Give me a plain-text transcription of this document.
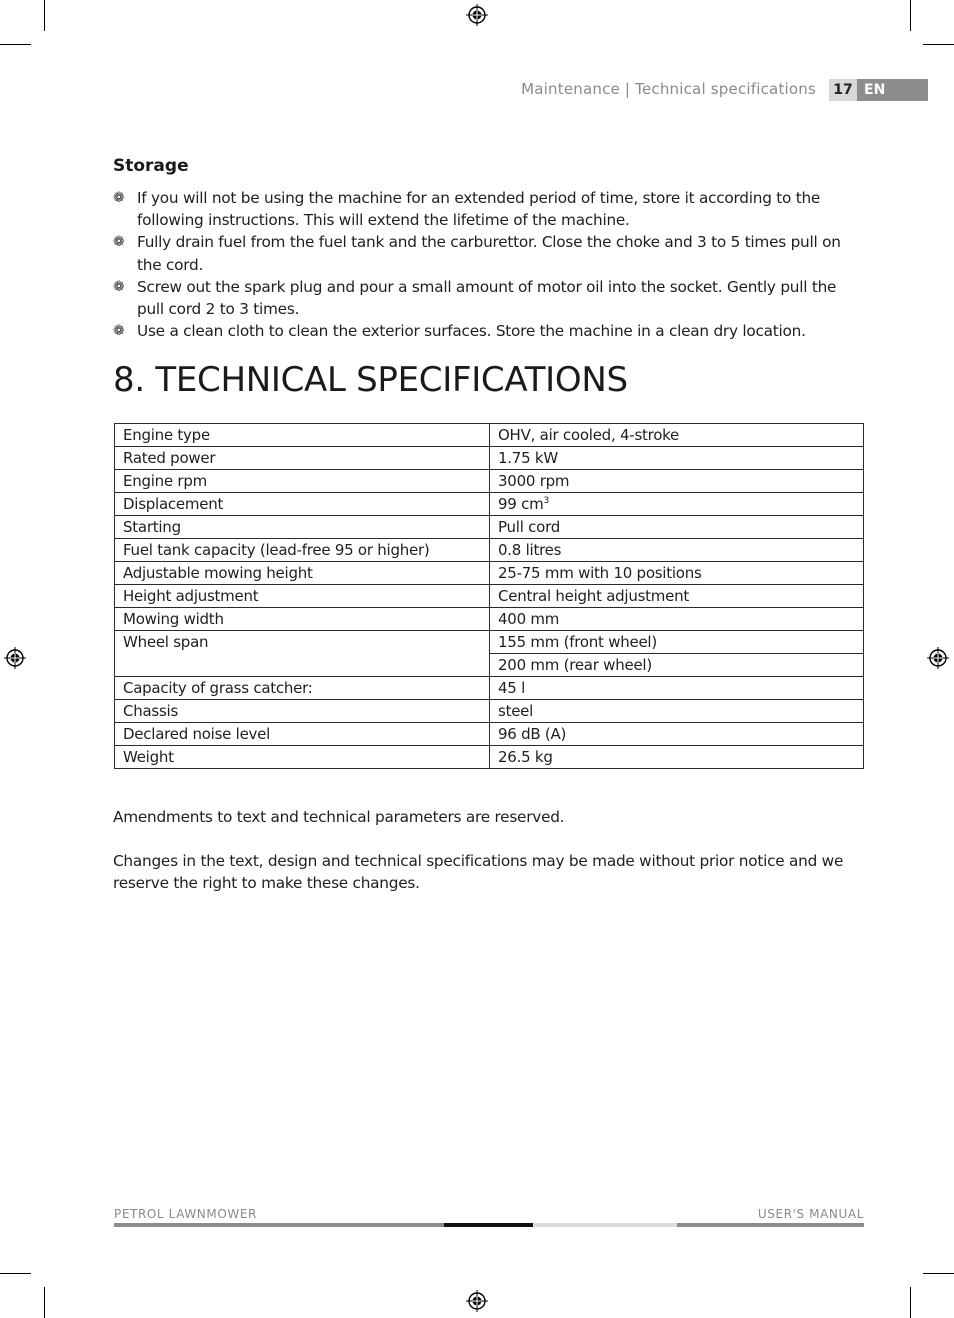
Maintenance | Technical specifications	17 EN
Storage
❁ If you will not be using the machine for an extended period of time, store it according to the following instructions. This will extend the lifetime of the machine.
❁ Fully drain fuel from the fuel tank and the carburettor. Close the choke and 3 to 5 times pull on the cord.
❁ Screw out the spark plug and pour a small amount of motor oil into the socket. Gently pull the pull cord 2 to 3 times.
❁ Use a clean cloth to clean the exterior surfaces. Store the machine in a clean dry location.
8. TECHNICAL SPECIFICATIONS
Engine type	OHV, air cooled, 4-stroke
Rated power	1.75 kW
Engine rpm	3000 rpm
Displacement	99 $cm^3$
Starting	Pull cord
Fuel tank capacity (lead-free 95 or higher)	0.8 litres
Adjustable mowing height	25-75 mm with 10 positions
Height adjustment	Central height adjustment
Mowing width	400 mm
Wheel span	155 mm (front wheel)
	200 mm (rear wheel)
Capacity of grass catcher:	45 l
Chassis	steel
Declared noise level	96 dB (A)
Weight	26.5 kg
Amendments to text and technical parameters are reserved.
Changes in the text, design and technical specifications may be made without prior notice and we reserve the right to make these changes.
PETROL LAWNMOWER	USER'S MANUAL
